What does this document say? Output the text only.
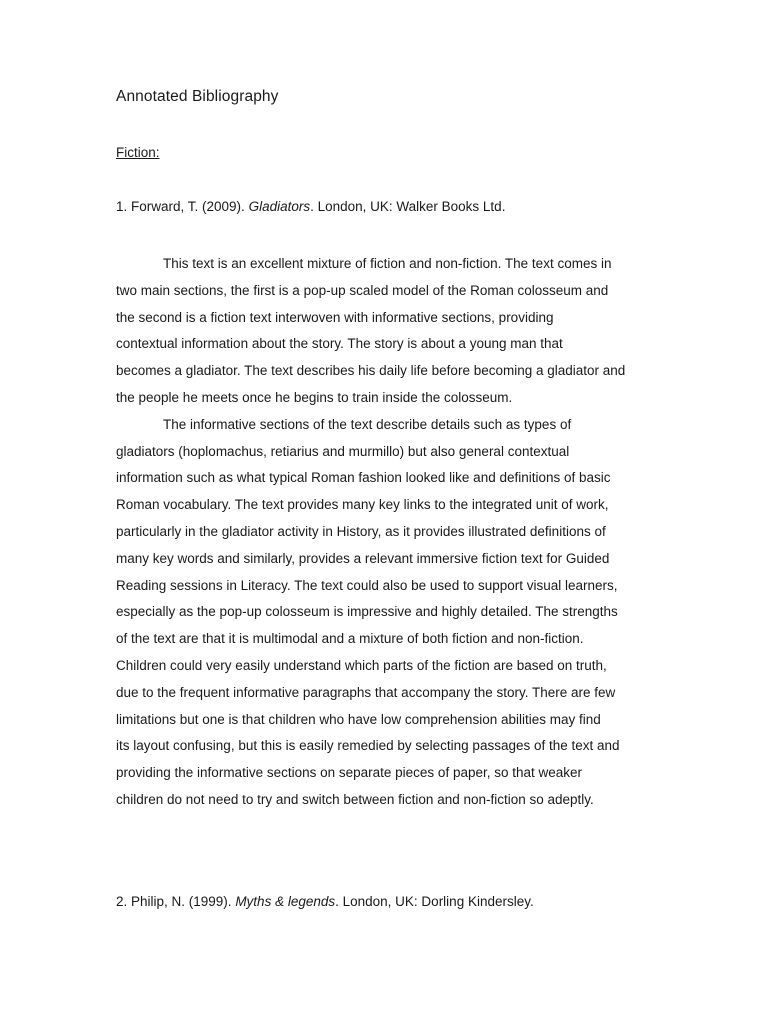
Annotated Bibliography
Fiction:
1. Forward, T. (2009). Gladiators. London, UK: Walker Books Ltd.
This text is an excellent mixture of fiction and non-fiction. The text comes in
two main sections, the first is a pop-up scaled model of the Roman colosseum and
the second is a fiction text interwoven with informative sections, providing
contextual information about the story. The story is about a young man that
becomes a gladiator. The text describes his daily life before becoming a gladiator and
the people he meets once he begins to train inside the colosseum.
The informative sections of the text describe details such as types of
gladiators (hoplomachus, retiarius and murmillo) but also general contextual
information such as what typical Roman fashion looked like and definitions of basic
Roman vocabulary. The text provides many key links to the integrated unit of work,
particularly in the gladiator activity in History, as it provides illustrated definitions of
many key words and similarly, provides a relevant immersive fiction text for Guided
Reading sessions in Literacy. The text could also be used to support visual learners,
especially as the pop-up colosseum is impressive and highly detailed. The strengths
of the text are that it is multimodal and a mixture of both fiction and non-fiction.
Children could very easily understand which parts of the fiction are based on truth,
due to the frequent informative paragraphs that accompany the story. There are few
limitations but one is that children who have low comprehension abilities may find
its layout confusing, but this is easily remedied by selecting passages of the text and
providing the informative sections on separate pieces of paper, so that weaker
children do not need to try and switch between fiction and non-fiction so adeptly.
2. Philip, N. (1999). Myths & legends. London, UK: Dorling Kindersley.
